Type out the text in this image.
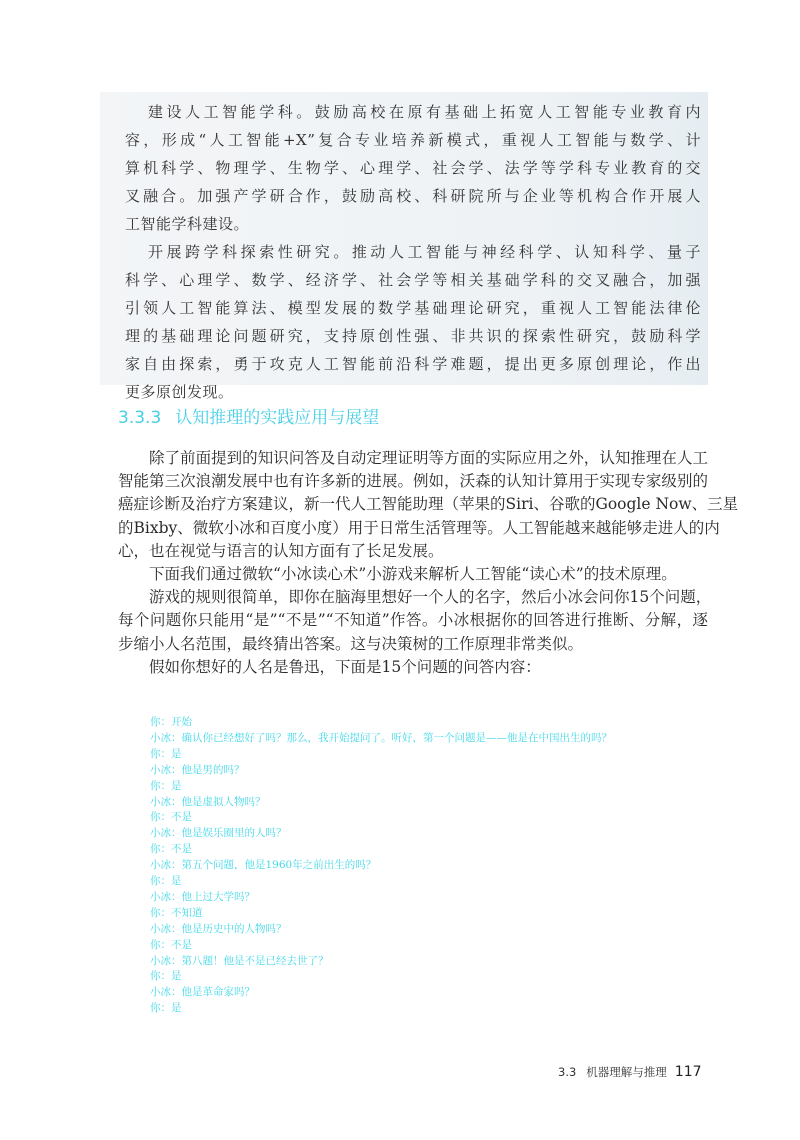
建设人工智能学科。鼓励高校在原有基础上拓宽人工智能专业教育内
容，形成“人工智能+X”复合专业培养新模式，重视人工智能与数学、计
算机科学、物理学、生物学、心理学、社会学、法学等学科专业教育的交
叉融合。加强产学研合作，鼓励高校、科研院所与企业等机构合作开展人
工智能学科建设。
开展跨学科探索性研究。推动人工智能与神经科学、认知科学、量子
科学、心理学、数学、经济学、社会学等相关基础学科的交叉融合，加强
引领人工智能算法、模型发展的数学基础理论研究，重视人工智能法律伦
理的基础理论问题研究，支持原创性强、非共识的探索性研究，鼓励科学
家自由探索，勇于攻克人工智能前沿科学难题，提出更多原创理论，作出
更多原创发现。
3.3.3 认知推理的实践应用与展望
除了前面提到的知识问答及自动定理证明等方面的实际应用之外，认知推理在人工
智能第三次浪潮发展中也有许多新的进展。例如，沃森的认知计算用于实现专家级别的
癌症诊断及治疗方案建议，新一代人工智能助理（苹果的Siri、谷歌的Google Now、三星
的Bixby、微软小冰和百度小度）用于日常生活管理等。人工智能越来越能够走进人的内
心，也在视觉与语言的认知方面有了长足发展。
下面我们通过微软“小冰读心术”小游戏来解析人工智能“读心术”的技术原理。
游戏的规则很简单，即你在脑海里想好一个人的名字，然后小冰会问你15个问题，
每个问题你只能用“是”“不是”“不知道”作答。小冰根据你的回答进行推断、分解，逐
步缩小人名范围，最终猜出答案。这与决策树的工作原理非常类似。
假如你想好的人名是鲁迅，下面是15个问题的问答内容：
你：开始
小冰：确认你已经想好了吗？那么，我开始提问了。听好，第一个问题是——他是在中国出生的吗？
你：是
小冰：他是男的吗？
你：是
小冰：他是虚拟人物吗？
你：不是
小冰：他是娱乐圈里的人吗？
你：不是
小冰：第五个问题，他是1960年之前出生的吗？
你：是
小冰：他上过大学吗？
你：不知道
小冰：他是历史中的人物吗？
你：不是
小冰：第八题！他是不是已经去世了？
你：是
小冰：他是革命家吗？
你：是
3.3 机器理解与推理 117
